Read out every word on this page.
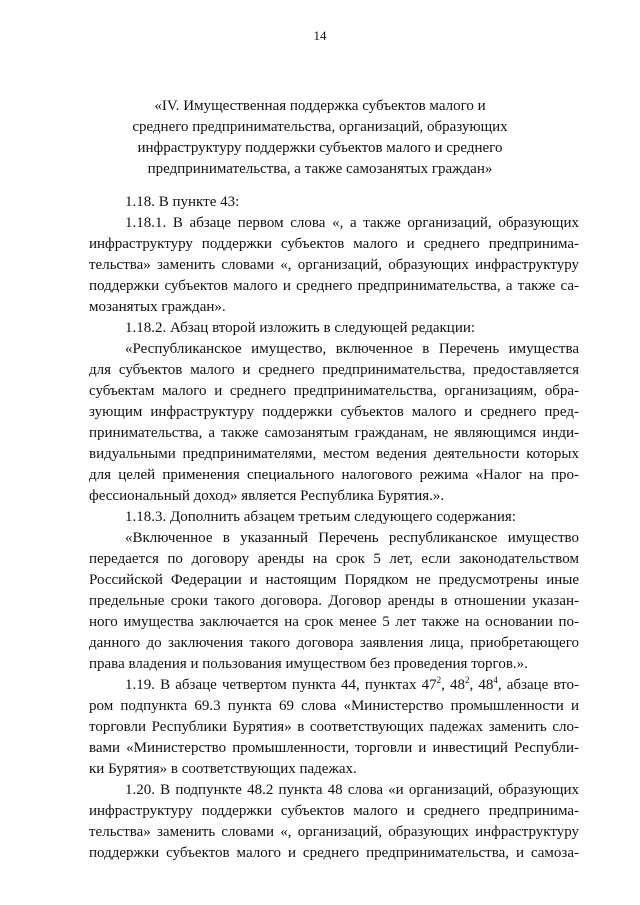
14
«IV. Имущественная поддержка субъектов малого и
среднего предпринимательства, организаций, образующих
инфраструктуру поддержки субъектов малого и среднего
предпринимательства, а также самозанятых граждан»
1.18. В пункте 43:
1.18.1. В абзаце первом слова «, а также организаций, образующих
инфраструктуру поддержки субъектов малого и среднего предпринима-
тельства» заменить словами «, организаций, образующих инфраструктуру
поддержки субъектов малого и среднего предпринимательства, а также са-
мозанятых граждан».
1.18.2. Абзац второй изложить в следующей редакции:
«Республиканское имущество, включенное в Перечень имущества
для субъектов малого и среднего предпринимательства, предоставляется
субъектам малого и среднего предпринимательства, организациям, обра-
зующим инфраструктуру поддержки субъектов малого и среднего пред-
принимательства, а также самозанятым гражданам, не являющимся инди-
видуальными предпринимателями, местом ведения деятельности которых
для целей применения специального налогового режима «Налог на про-
фессиональный доход» является Республика Бурятия.».
1.18.3. Дополнить абзацем третьим следующего содержания:
«Включенное в указанный Перечень республиканское имущество
передается по договору аренды на срок 5 лет, если законодательством
Российской Федерации и настоящим Порядком не предусмотрены иные
предельные сроки такого договора. Договор аренды в отношении указан-
ного имущества заключается на срок менее 5 лет также на основании по-
данного до заключения такого договора заявления лица, приобретающего
права владения и пользования имуществом без проведения торгов.».
1.19. В абзаце четвертом пункта 44, пунктах $47^2$, $48^2$, $48^4$, абзаце вто-
ром подпункта 69.3 пункта 69 слова «Министерство промышленности и
торговли Республики Бурятия» в соответствующих падежах заменить сло-
вами «Министерство промышленности, торговли и инвестиций Республи-
ки Бурятия» в соответствующих падежах.
1.20. В подпункте 48.2 пункта 48 слова «и организаций, образующих
инфраструктуру поддержки субъектов малого и среднего предпринима-
тельства» заменить словами «, организаций, образующих инфраструктуру
поддержки субъектов малого и среднего предпринимательства, и самоза-
